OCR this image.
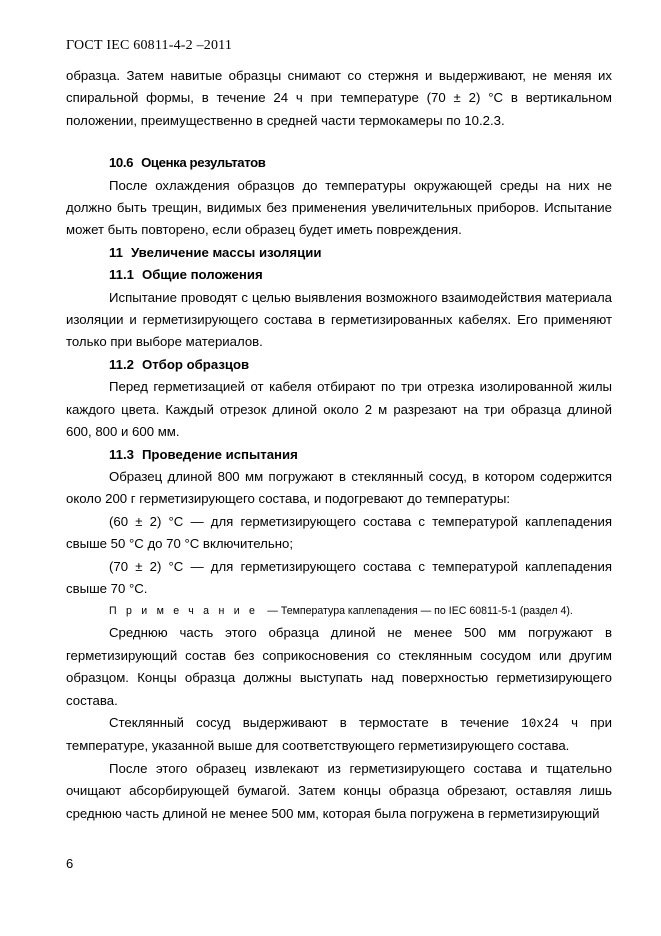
ГОСТ IEC 60811-4-2 –2011

образца. Затем навитые образцы снимают со стержня и выдерживают, не меняя их спиральной формы, в течение 24 ч при температуре (70 ± 2) °С в вертикальном положении, преимущественно в средней части термокамеры по 10.2.3.

10.6 Оценка результатов

После охлаждения образцов до температуры окружающей среды на них не должно быть трещин, видимых без применения увеличительных приборов. Испытание может быть повторено, если образец будет иметь повреждения.

11 Увеличение массы изоляции

11.1 Общие положения

Испытание проводят с целью выявления возможного взаимодействия материала изоляции и герметизирующего состава в герметизированных кабелях. Его применяют только при выборе материалов.

11.2 Отбор образцов

Перед герметизацией от кабеля отбирают по три отрезка изолированной жилы каждого цвета. Каждый отрезок длиной около 2 м разрезают на три образца длиной 600, 800 и 600 мм.

11.3 Проведение испытания

Образец длиной 800 мм погружают в стеклянный сосуд, в котором содержится около 200 г герметизирующего состава, и подогревают до температуры:

(60 ± 2) °С — для герметизирующего состава с температурой каплепадения свыше 50 °С до 70 °С включительно;

(70 ± 2) °С — для герметизирующего состава с температурой каплепадения свыше 70 °С.

Примечание — Температура каплепадения — по IEC 60811-5-1 (раздел 4).

Среднюю часть этого образца длиной не менее 500 мм погружают в герметизирующий состав без соприкосновения со стеклянным сосудом или другим образцом. Концы образца должны выступать над поверхностью герметизирующего состава.

Стеклянный сосуд выдерживают в термостате в течение 10х24 ч при температуре, указанной выше для соответствующего герметизирующего состава.

После этого образец извлекают из герметизирующего состава и тщательно очищают абсорбирующей бумагой. Затем концы образца обрезают, оставляя лишь среднюю часть длиной не менее 500 мм, которая была погружена в герметизирующий

6
